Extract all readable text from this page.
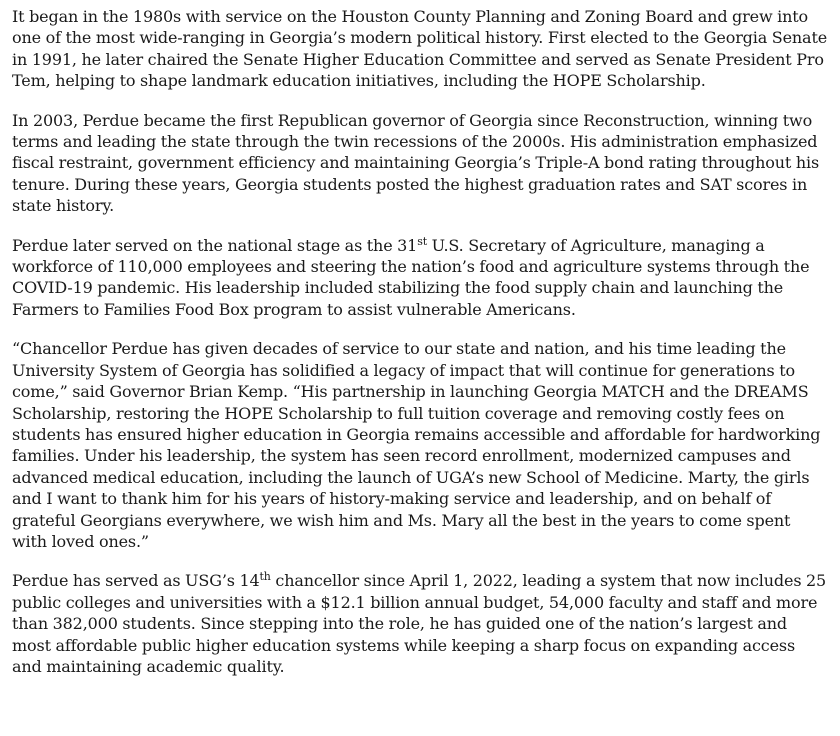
It began in the 1980s with service on the Houston County Planning and Zoning Board and grew into one of the most wide-ranging in Georgia’s modern political history. First elected to the Georgia Senate in 1991, he later chaired the Senate Higher Education Committee and served as Senate President Pro Tem, helping to shape landmark education initiatives, including the HOPE Scholarship.

In 2003, Perdue became the first Republican governor of Georgia since Reconstruction, winning two terms and leading the state through the twin recessions of the 2000s. His administration emphasized fiscal restraint, government efficiency and maintaining Georgia’s Triple-A bond rating throughout his tenure. During these years, Georgia students posted the highest graduation rates and SAT scores in state history.

Perdue later served on the national stage as the 31st U.S. Secretary of Agriculture, managing a workforce of 110,000 employees and steering the nation’s food and agriculture systems through the COVID-19 pandemic. His leadership included stabilizing the food supply chain and launching the Farmers to Families Food Box program to assist vulnerable Americans.

“Chancellor Perdue has given decades of service to our state and nation, and his time leading the University System of Georgia has solidified a legacy of impact that will continue for generations to come,” said Governor Brian Kemp. “His partnership in launching Georgia MATCH and the DREAMS Scholarship, restoring the HOPE Scholarship to full tuition coverage and removing costly fees on students has ensured higher education in Georgia remains accessible and affordable for hardworking families. Under his leadership, the system has seen record enrollment, modernized campuses and advanced medical education, including the launch of UGA’s new School of Medicine. Marty, the girls and I want to thank him for his years of history-making service and leadership, and on behalf of grateful Georgians everywhere, we wish him and Ms. Mary all the best in the years to come spent with loved ones.”

Perdue has served as USG’s 14th chancellor since April 1, 2022, leading a system that now includes 25 public colleges and universities with a $12.1 billion annual budget, 54,000 faculty and staff and more than 382,000 students. Since stepping into the role, he has guided one of the nation’s largest and most affordable public higher education systems while keeping a sharp focus on expanding access and maintaining academic quality.
